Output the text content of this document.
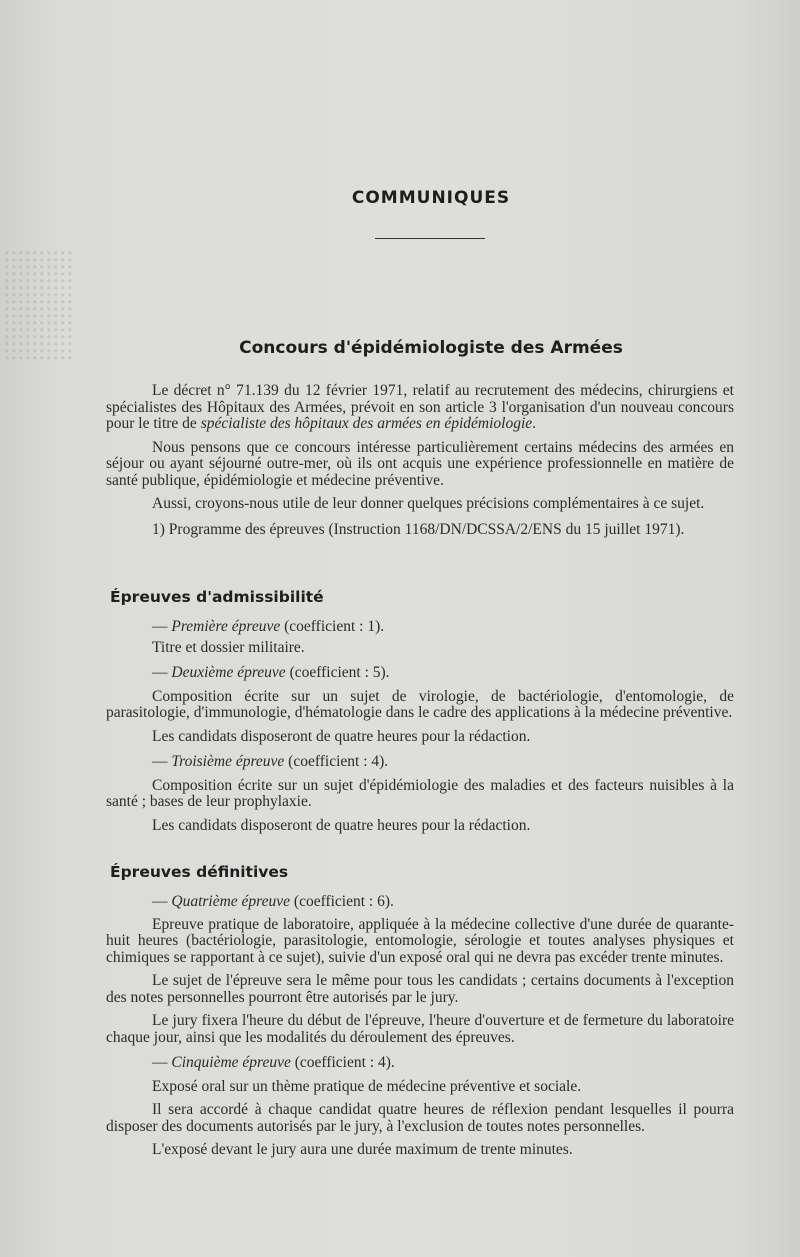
COMMUNIQUES
Concours d'épidémiologiste des Armées

Le décret n° 71.139 du 12 février 1971, relatif au recrutement des médecins, chirurgiens et spécialistes des Hôpitaux des Armées, prévoit en son article 3 l'organisation d'un nouveau concours pour le titre de spécialiste des hôpitaux des armées en épidémiologie.

Nous pensons que ce concours intéresse particulièrement certains médecins des armées en séjour ou ayant séjourné outre-mer, où ils ont acquis une expérience professionnelle en matière de santé publique, épidémiologie et médecine préventive.

Aussi, croyons-nous utile de leur donner quelques précisions complémentaires à ce sujet.

1) Programme des épreuves (Instruction 1168/DN/DCSSA/2/ENS du 15 juillet 1971).

Épreuves d'admissibilité

— Première épreuve (coefficient : 1).

Titre et dossier militaire.

— Deuxième épreuve (coefficient : 5).

Composition écrite sur un sujet de virologie, de bactériologie, d'entomologie, de parasitologie, d'immunologie, d'hématologie dans le cadre des applications à la médecine préventive.

Les candidats disposeront de quatre heures pour la rédaction.

— Troisième épreuve (coefficient : 4).

Composition écrite sur un sujet d'épidémiologie des maladies et des facteurs nuisibles à la santé ; bases de leur prophylaxie.

Les candidats disposeront de quatre heures pour la rédaction.

Épreuves définitives

— Quatrième épreuve (coefficient : 6).

Epreuve pratique de laboratoire, appliquée à la médecine collective d'une durée de quarante-huit heures (bactériologie, parasitologie, entomologie, sérologie et toutes analyses physiques et chimiques se rapportant à ce sujet), suivie d'un exposé oral qui ne devra pas excéder trente minutes.

Le sujet de l'épreuve sera le même pour tous les candidats ; certains documents à l'exception des notes personnelles pourront être autorisés par le jury.

Le jury fixera l'heure du début de l'épreuve, l'heure d'ouverture et de fermeture du laboratoire chaque jour, ainsi que les modalités du déroulement des épreuves.

— Cinquième épreuve (coefficient : 4).

Exposé oral sur un thème pratique de médecine préventive et sociale.

Il sera accordé à chaque candidat quatre heures de réflexion pendant lesquelles il pourra disposer des documents autorisés par le jury, à l'exclusion de toutes notes personnelles.

L'exposé devant le jury aura une durée maximum de trente minutes.
